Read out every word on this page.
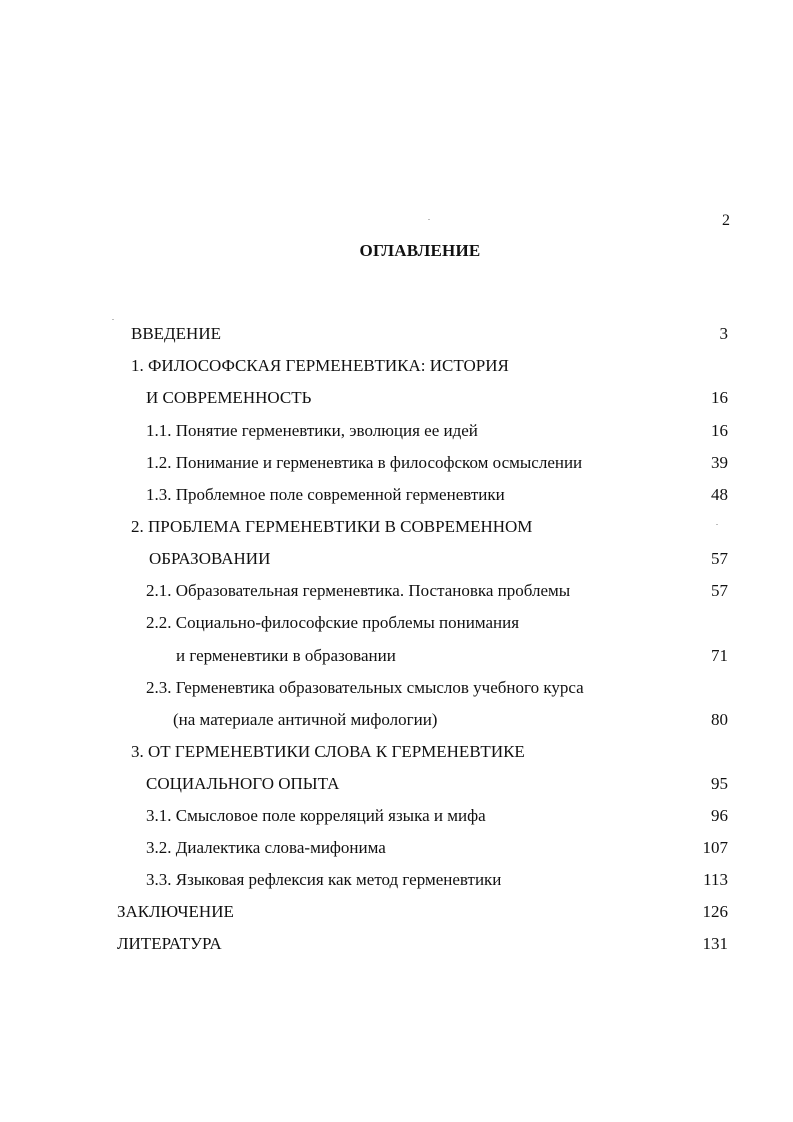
2
ОГЛАВЛЕНИЕ
ВВЕДЕНИЕ	3
1. ФИЛОСОФСКАЯ ГЕРМЕНЕВТИКА: ИСТОРИЯ
И СОВРЕМЕННОСТЬ	16
1.1. Понятие герменевтики, эволюция ее идей	16
1.2. Понимание и герменевтика в философском осмыслении	39
1.3. Проблемное поле современной герменевтики	48
2. ПРОБЛЕМА ГЕРМЕНЕВТИКИ В СОВРЕМЕННОМ
ОБРАЗОВАНИИ	57
2.1. Образовательная герменевтика. Постановка проблемы	57
2.2. Социально-философские проблемы понимания
и герменевтики в образовании	71
2.3. Герменевтика образовательных смыслов учебного курса
(на материале античной мифологии)	80
3. ОТ ГЕРМЕНЕВТИКИ СЛОВА К ГЕРМЕНЕВТИКЕ
СОЦИАЛЬНОГО ОПЫТА	95
3.1. Смысловое поле корреляций языка и мифа	96
3.2. Диалектика слова-мифонима	107
3.3. Языковая рефлексия как метод герменевтики	113
ЗАКЛЮЧЕНИЕ	126
ЛИТЕРАТУРА	131
